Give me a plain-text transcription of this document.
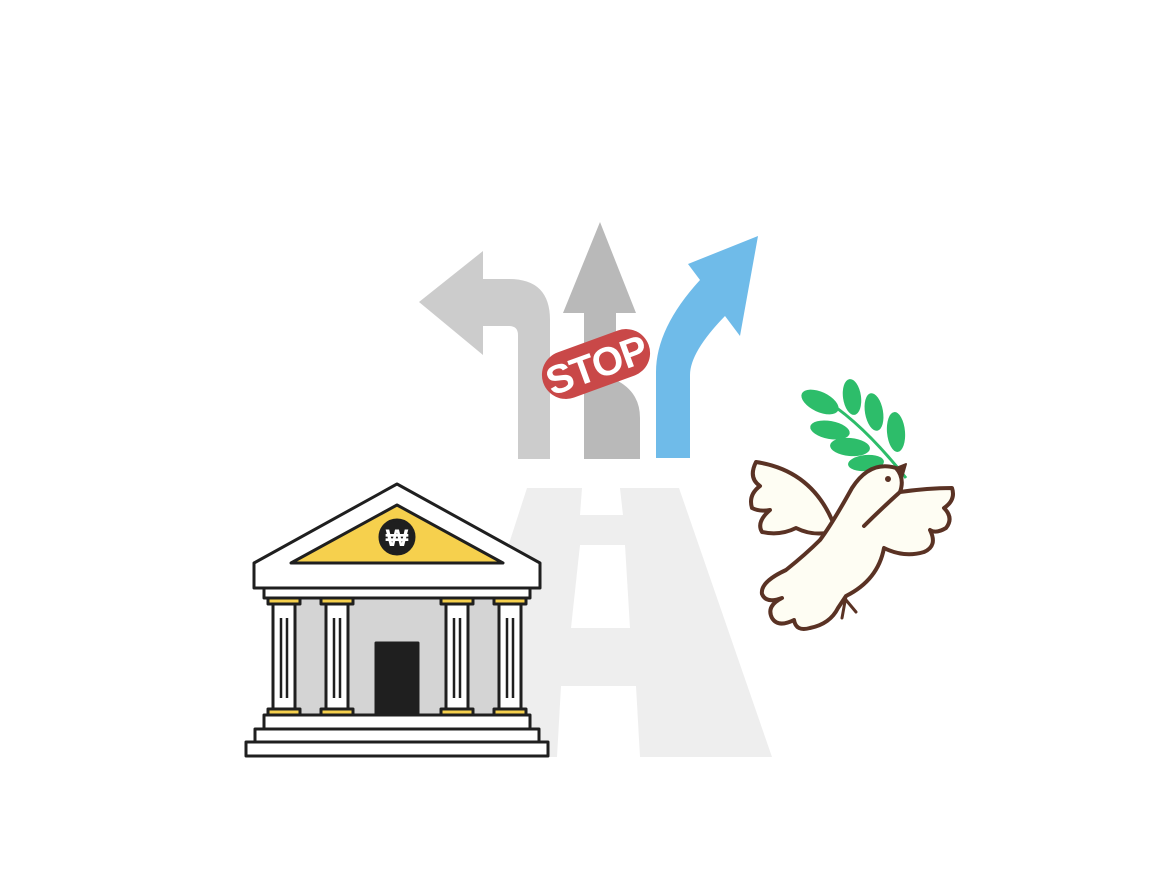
STOP
₩
